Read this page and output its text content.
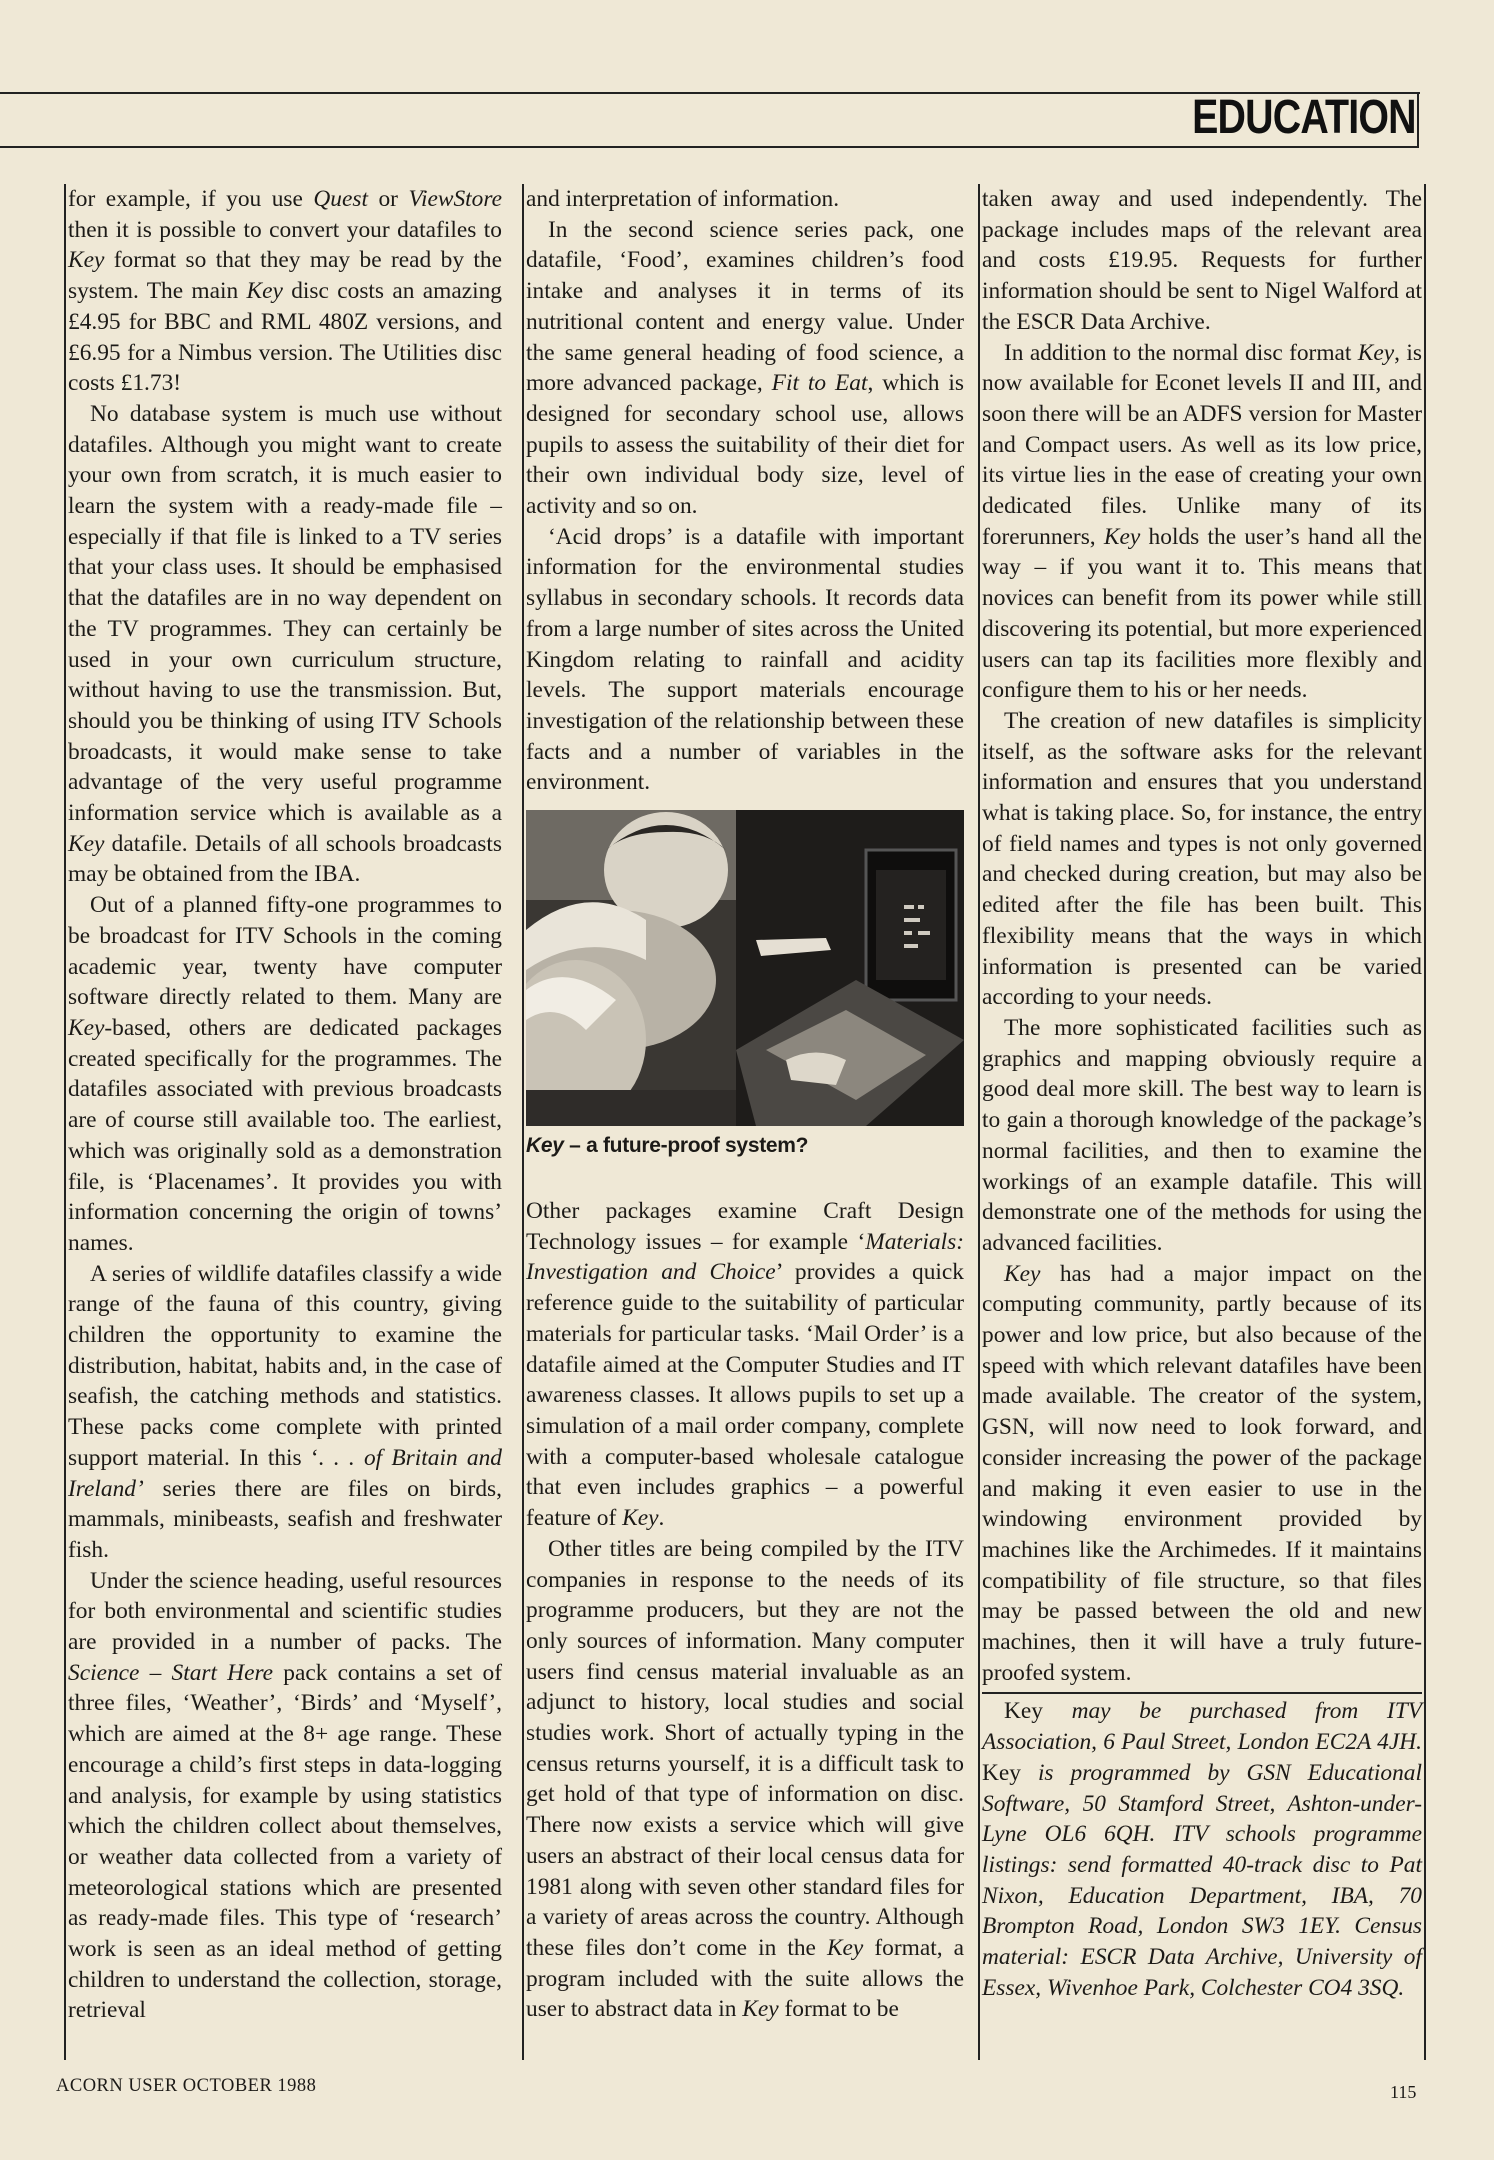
EDUCATION

for example, if you use Quest or ViewStore then it is possible to convert your datafiles to Key format so that they may be read by the system. The main Key disc costs an amazing £4.95 for BBC and RML 480Z versions, and £6.95 for a Nimbus version. The Utilities disc costs £1.73!

No database system is much use without datafiles. Although you might want to create your own from scratch, it is much easier to learn the system with a ready-made file – especially if that file is linked to a TV series that your class uses. It should be emphasised that the datafiles are in no way dependent on the TV programmes. They can certainly be used in your own curriculum structure, without having to use the transmission. But, should you be thinking of using ITV Schools broadcasts, it would make sense to take advantage of the very useful programme information service which is available as a Key datafile. Details of all schools broadcasts may be obtained from the IBA.

Out of a planned fifty-one programmes to be broadcast for ITV Schools in the coming academic year, twenty have computer software directly related to them. Many are Key-based, others are dedicated packages created specifically for the programmes. The datafiles associated with previous broadcasts are of course still available too. The earliest, which was originally sold as a demonstration file, is ‘Placenames’. It provides you with information concerning the origin of towns’ names.

A series of wildlife datafiles classify a wide range of the fauna of this country, giving children the opportunity to examine the distribution, habitat, habits and, in the case of seafish, the catching methods and statistics. These packs come complete with printed support material. In this ‘. . . of Britain and Ireland’ series there are files on birds, mammals, minibeasts, seafish and freshwater fish.

Under the science heading, useful resources for both environmental and scientific studies are provided in a number of packs. The Science – Start Here pack contains a set of three files, ‘Weather’, ‘Birds’ and ‘Myself’, which are aimed at the 8+ age range. These encourage a child’s first steps in data-logging and analysis, for example by using statistics which the children collect about themselves, or weather data collected from a variety of meteorological stations which are presented as ready-made files. This type of ‘research’ work is seen as an ideal method of getting children to understand the collection, storage, retrieval

and interpretation of information.

In the second science series pack, one datafile, ‘Food’, examines children’s food intake and analyses it in terms of its nutritional content and energy value. Under the same general heading of food science, a more advanced package, Fit to Eat, which is designed for secondary school use, allows pupils to assess the suitability of their diet for their own individual body size, level of activity and so on.

‘Acid drops’ is a datafile with important information for the environmental studies syllabus in secondary schools. It records data from a large number of sites across the United Kingdom relating to rainfall and acidity levels. The support materials encourage investigation of the relationship between these facts and a number of variables in the environment.

Key – a future-proof system?

Other packages examine Craft Design Technology issues – for example ‘Materials: Investigation and Choice’ provides a quick reference guide to the suitability of particular materials for particular tasks. ‘Mail Order’ is a datafile aimed at the Computer Studies and IT awareness classes. It allows pupils to set up a simulation of a mail order company, complete with a computer-based wholesale catalogue that even includes graphics – a powerful feature of Key.

Other titles are being compiled by the ITV companies in response to the needs of its programme producers, but they are not the only sources of information. Many computer users find census material invaluable as an adjunct to history, local studies and social studies work. Short of actually typing in the census returns yourself, it is a difficult task to get hold of that type of information on disc. There now exists a service which will give users an abstract of their local census data for 1981 along with seven other standard files for a variety of areas across the country. Although these files don’t come in the Key format, a program included with the suite allows the user to abstract data in Key format to be

taken away and used independently. The package includes maps of the relevant area and costs £19.95. Requests for further information should be sent to Nigel Walford at the ESCR Data Archive.

In addition to the normal disc format Key, is now available for Econet levels II and III, and soon there will be an ADFS version for Master and Compact users. As well as its low price, its virtue lies in the ease of creating your own dedicated files. Unlike many of its forerunners, Key holds the user’s hand all the way – if you want it to. This means that novices can benefit from its power while still discovering its potential, but more experienced users can tap its facilities more flexibly and configure them to his or her needs.

The creation of new datafiles is simplicity itself, as the software asks for the relevant information and ensures that you understand what is taking place. So, for instance, the entry of field names and types is not only governed and checked during creation, but may also be edited after the file has been built. This flexibility means that the ways in which information is presented can be varied according to your needs.

The more sophisticated facilities such as graphics and mapping obviously require a good deal more skill. The best way to learn is to gain a thorough knowledge of the package’s normal facilities, and then to examine the workings of an example datafile. This will demonstrate one of the methods for using the advanced facilities.

Key has had a major impact on the computing community, partly because of its power and low price, but also because of the speed with which relevant datafiles have been made available. The creator of the system, GSN, will now need to look forward, and consider increasing the power of the package and making it even easier to use in the windowing environment provided by machines like the Archimedes. If it maintains compatibility of file structure, so that files may be passed between the old and new machines, then it will have a truly future-proofed system.

Key may be purchased from ITV Association, 6 Paul Street, London EC2A 4JH. Key is programmed by GSN Educational Software, 50 Stamford Street, Ashton-under-Lyne OL6 6QH. ITV schools programme listings: send formatted 40-track disc to Pat Nixon, Education Department, IBA, 70 Brompton Road, London SW3 1EY. Census material: ESCR Data Archive, University of Essex, Wivenhoe Park, Colchester CO4 3SQ.

ACORN USER OCTOBER 1988	115
